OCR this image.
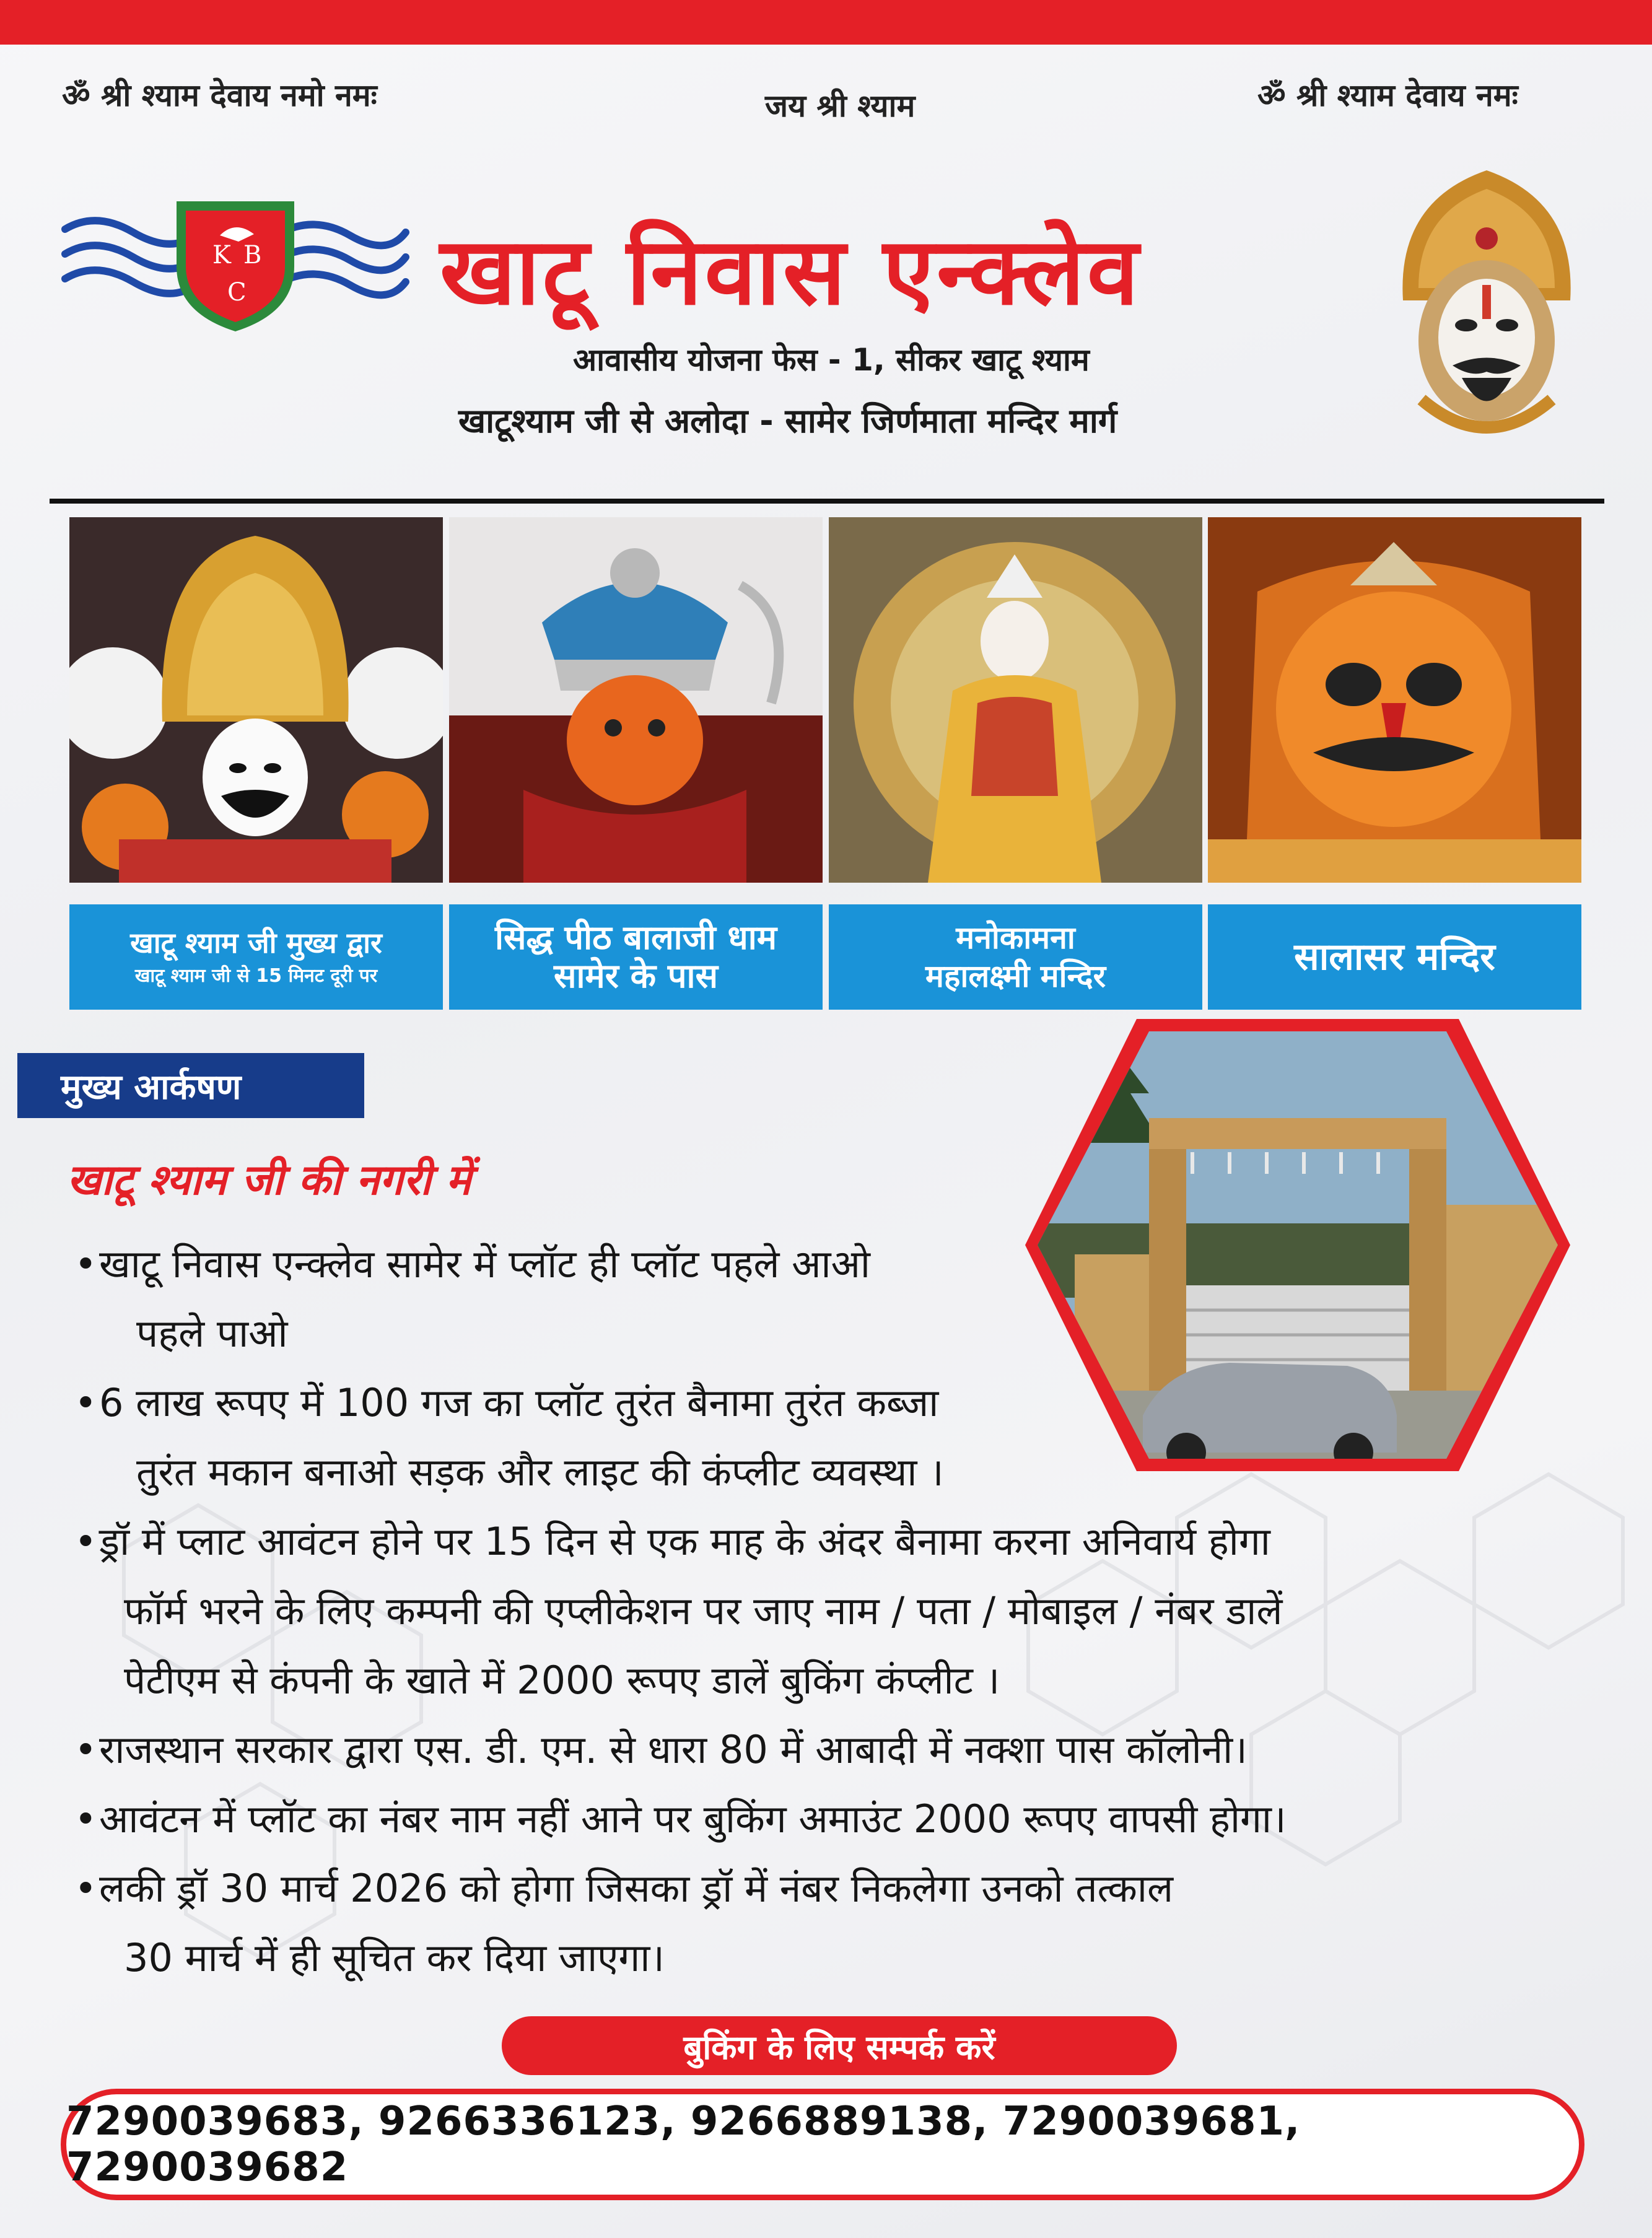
ॐ श्री श्याम देवाय नमो नमः	जय श्री श्याम	ॐ श्री श्याम देवाय नमः
K B
C खाटू निवास एन्क्लेव
आवासीय योजना फेस - 1, सीकर खाटू श्याम
खाटूश्याम जी से अलोदा - सामेर जिर्णमाता मन्दिर मार्ग
खाटू श्याम जी मुख्य द्वार
खाटू श्याम जी से 15 मिनट दूरी पर
सिद्ध पीठ बालाजी धाम
सामेर के पास
मनोकामना
महालक्ष्मी मन्दिर	सालासर मन्दिर
मुख्य आर्कषण
खाटू श्याम जी की नगरी में
•खाटू निवास एन्क्लेव सामेर में प्लॉट ही प्लॉट पहले आओ
पहले पाओ
•6 लाख रूपए में 100 गज का प्लॉट तुरंत बैनामा तुरंत कब्जा
तुरंत मकान बनाओ सड़क और लाइट की कंप्लीट व्यवस्था ।
•ड्रॉ में प्लाट आवंटन होने पर 15 दिन से एक माह के अंदर बैनामा करना अनिवार्य होगा
फॉर्म भरने के लिए कम्पनी की एप्लीकेशन पर जाए नाम / पता / मोबाइल / नंबर डालें
पेटीएम से कंपनी के खाते में 2000 रूपए डालें बुकिंग कंप्लीट ।
•राजस्थान सरकार द्वारा एस. डी. एम. से धारा 80 में आबादी में नक्शा पास कॉलोनी।
•आवंटन में प्लॉट का नंबर नाम नहीं आने पर बुकिंग अमाउंट 2000 रूपए वापसी होगा।
•लकी ड्रॉ 30 मार्च 2026 को होगा जिसका ड्रॉ में नंबर निकलेगा उनको तत्काल
30 मार्च में ही सूचित कर दिया जाएगा।
बुकिंग के लिए सम्पर्क करें
7290039683, 9266336123, 9266889138, 7290039681, 7290039682
